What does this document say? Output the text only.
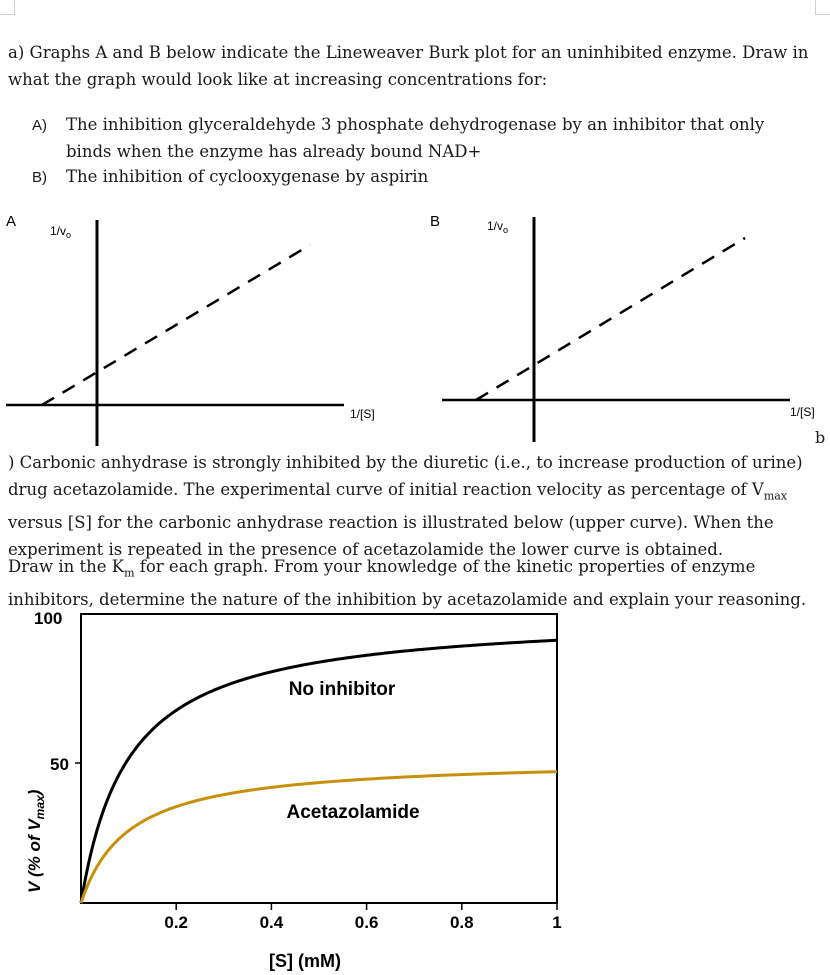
a) Graphs A and B below indicate the Lineweaver Burk plot for an uninhibited enzyme. Draw in what the graph would look like at increasing concentrations for:
A) The inhibition glyceraldehyde 3 phosphate dehydrogenase by an inhibitor that only binds when the enzyme has already bound NAD+
B) The inhibition of cyclooxygenase by aspirin
A
$1/v_o$
1/[S]
B	$1/v_o$
1/[S]
b
) Carbonic anhydrase is strongly inhibited by the diuretic (i.e., to increase production of urine) drug acetazolamide. The experimental curve of initial reaction velocity as percentage of $V_{max}$ versus [S] for the carbonic anhydrase reaction is illustrated below (upper curve). When the experiment is repeated in the presence of acetazolamide the lower curve is obtained.
Draw in the $K_m$ for each graph. From your knowledge of the kinetic properties of enzyme inhibitors, determine the nature of the inhibition by acetazolamide and explain your reasoning.
100
50
V (% of $V_{max}$)
0.2	0.4	0.6	0.8	1
No inhibitor
Acetazolamide
[S] (mM)
